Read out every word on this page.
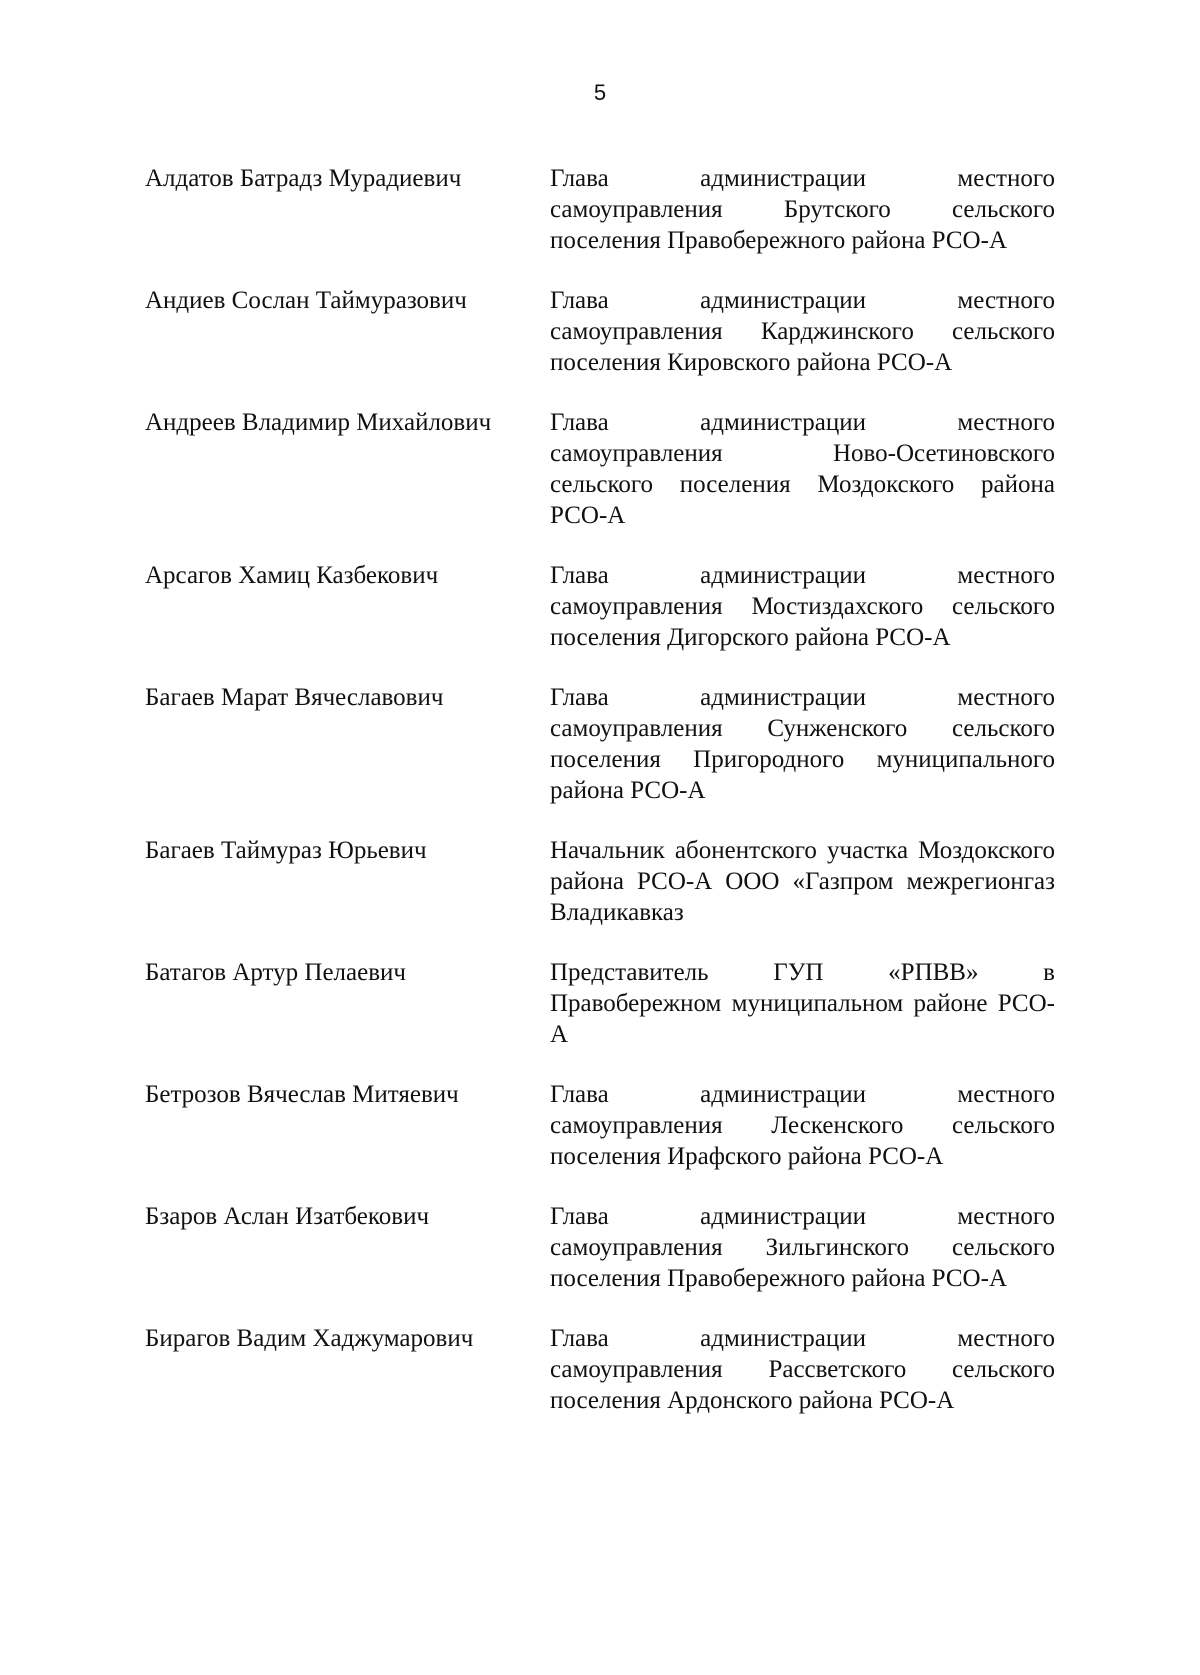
5
Алдатов Батрадз Мурадиевич	Глава администрации местного самоуправления Брутского сельского поселения Правобережного района РСО-А
Андиев Сослан Таймуразович	Глава администрации местного самоуправления Карджинского сельского поселения Кировского района РСО-А
Андреев Владимир Михайлович	Глава администрации местного самоуправления Ново-Осетиновского сельского поселения Моздокского района РСО-А
Арсагов Хамиц Казбекович	Глава администрации местного самоуправления Мостиздахского сельского поселения Дигорского района РСО-А
Багаев Марат Вячеславович	Глава администрации местного самоуправления Сунженского сельского поселения Пригородного муниципального района РСО-А
Багаев Таймураз Юрьевич	Начальник абонентского участка Моздокского района РСО-А ООО «Газпром межрегионгаз Владикавказ
Батагов Артур Пелаевич	Представитель ГУП «РПВВ» в Правобережном муниципальном районе РСО-А
Бетрозов Вячеслав Митяевич	Глава администрации местного самоуправления Лескенского сельского поселения Ирафского района РСО-А
Бзаров Аслан Изатбекович	Глава администрации местного самоуправления Зильгинского сельского поселения Правобережного района РСО-А
Бирагов Вадим Хаджумарович	Глава администрации местного самоуправления Рассветского сельского поселения Ардонского района РСО-А
